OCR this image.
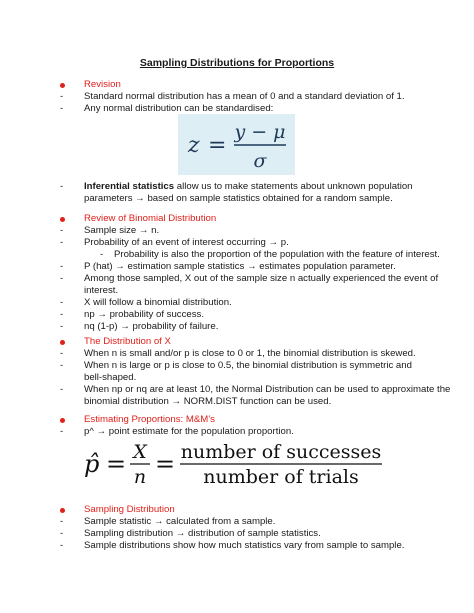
Sampling Distributions for Proportions
Revision
- Standard normal distribution has a mean of 0 and a standard deviation of 1.
- Any normal distribution can be standardised:
z =
y − μ
σ
- Inferential statistics allow us to make statements about unknown population
parameters → based on sample statistics obtained for a random sample.
Review of Binomial Distribution
- Sample size → n.
- Probability of an event of interest occurring → p.
- Probability is also the proportion of the population with the feature of interest.
- P (hat) → estimation sample statistics → estimates population parameter.
- Among those sampled, X out of the sample size n actually experienced the event of
interest.
- X will follow a binomial distribution.
- np → probability of success.
- nq (1-p) → probability of failure.
The Distribution of X
- When n is small and/or p is close to 0 or 1, the binomial distribution is skewed.
- When n is large or p is close to 0.5, the binomial distribution is symmetric and
bell-shaped.
- When np or nq are at least 10, the Normal Distribution can be used to approximate the
binomial distribution → NORM.DIST function can be used.
Estimating Proportions: M&M’s
- p^ → point estimate for the population proportion.
p̂ = X
n = number of successes
number of trials
Sampling Distribution
- Sample statistic → calculated from a sample.
- Sampling distribution → distribution of sample statistics.
- Sample distributions show how much statistics vary from sample to sample.
